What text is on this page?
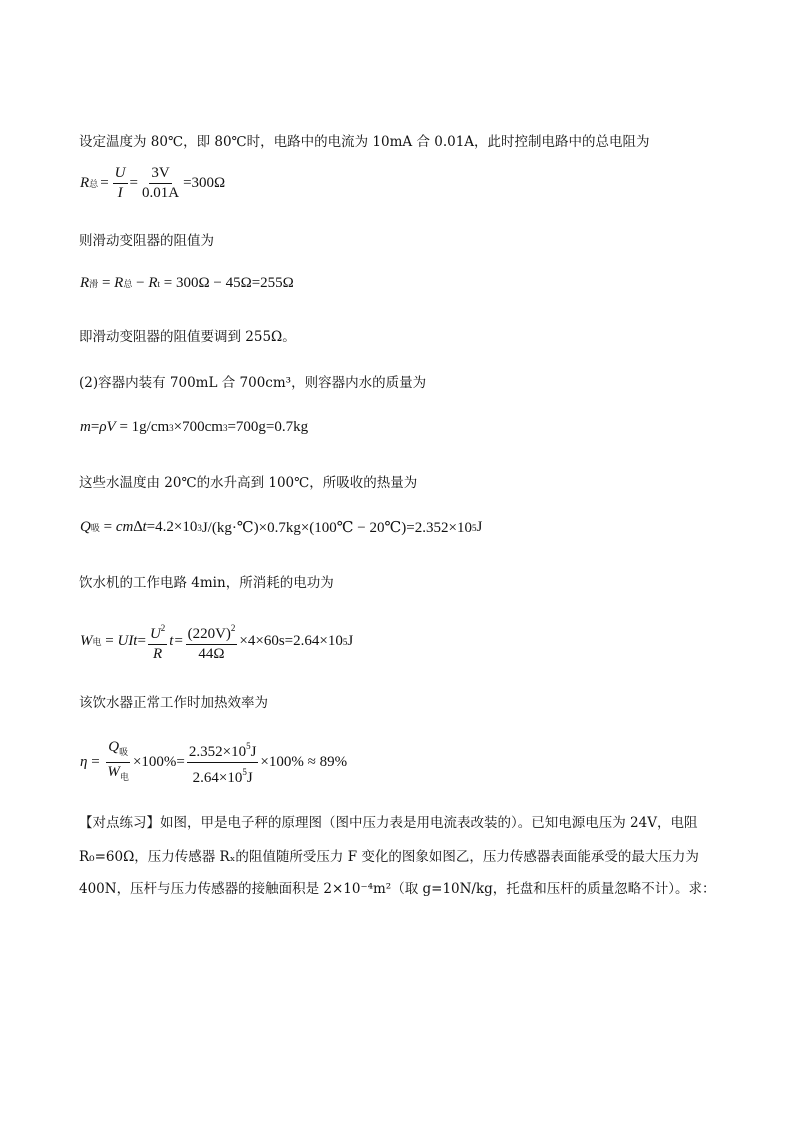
设定温度为 80℃，即 80℃时，电路中的电流为 10mA 合 0.01A，此时控制电路中的总电阻为
R 总 = $\frac{U}{I} = \frac{3V}{0.01A} =300\Omega$
则滑动变阻器的阻值为
R 滑 = R 总 − R t = 300Ω − 45Ω=255Ω
即滑动变阻器的阻值要调到 255Ω。
(2)容器内装有 700mL 合 700cm³，则容器内水的质量为
m = ρV = 1g/cm 3 ×700cm 3 =700g=0.7kg
这些水温度由 20℃的水升高到 100℃，所吸收的热量为
Q 吸 = cm∆t =4.2×10 3 J/(kg·℃)×0.7kg×(100℃ − 20℃)=2.352×10 5 J
饮水机的工作电路 4min，所消耗的电功为
W 电 = UIt = $\frac{U^2}{R} t= \frac{(220V)^2}{44\Omega} \times 4\times 60s=2.64\times 10$ 5 J
该饮水器正常工作时加热效率为
$\eta = \frac{Q_吸}{W_电} \times 100\%= \frac{2.352\times 10^5J}{2.64\times 10^5J} \times 100\% \approx 89\%$
【对点练习】如图，甲是电子秤的原理图（图中压力表是用电流表改装的）。已知电源电压为 24V，电阻
R₀=60Ω，压力传感器 Rₓ的阻值随所受压力 F 变化的图象如图乙，压力传感器表面能承受的最大压力为
400N，压杆与压力传感器的接触面积是 2×10⁻⁴m²（取 g=10N/kg，托盘和压杆的质量忽略不计）。求：
